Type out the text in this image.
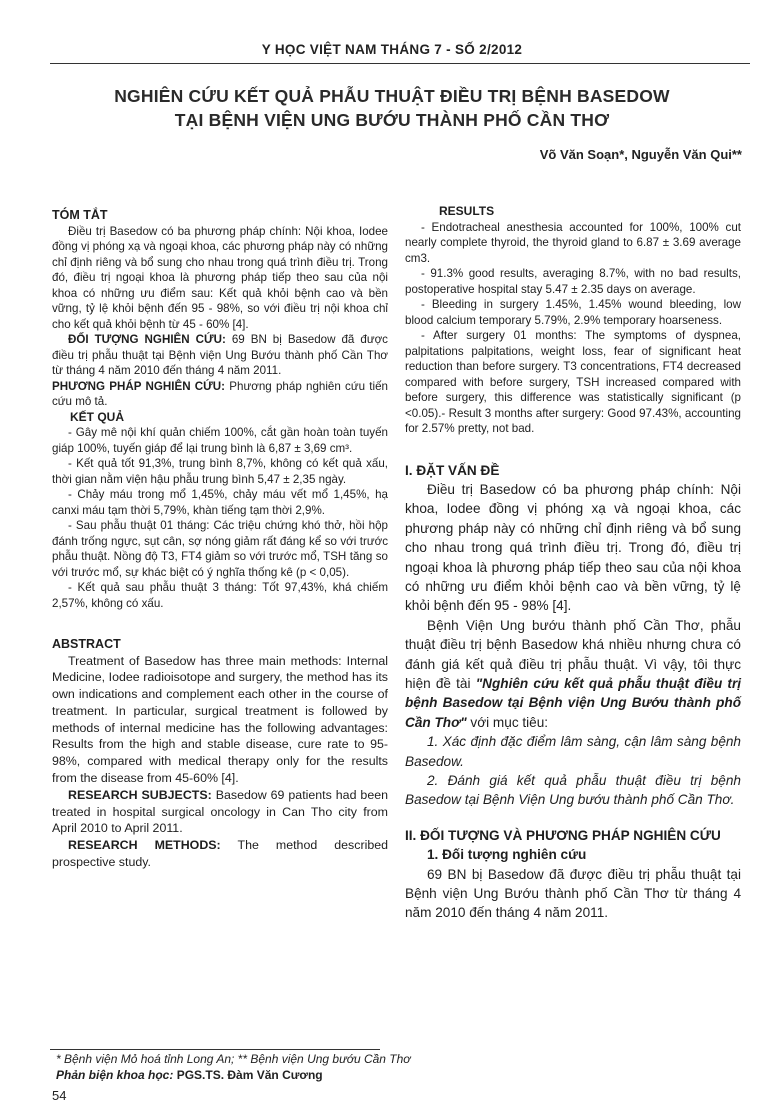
Y HỌC VIỆT NAM THÁNG 7 - SỐ 2/2012
NGHIÊN CỨU KẾT QUẢ PHẪU THUẬT ĐIỀU TRỊ BỆNH BASEDOW
TẠI BỆNH VIỆN UNG BƯỚU THÀNH PHỐ CẦN THƠ
Võ Văn Soạn*, Nguyễn Văn Qui**

TÓM TẮT

Điều trị Basedow có ba phương pháp chính: Nội khoa, Iodee đồng vị phóng xạ và ngoại khoa, các phương pháp này có những chỉ định riêng và bổ sung cho nhau trong quá trình điều trị. Trong đó, điều trị ngoại khoa là phương pháp tiếp theo sau của nội khoa có những ưu điểm sau: Kết quả khỏi bệnh cao và bền vững, tỷ lệ khỏi bệnh đến 95 - 98%, so với điều trị nội khoa chỉ cho kết quả khỏi bệnh từ 45 - 60% [4].

ĐỐI TƯỢNG NGHIÊN CỨU: 69 BN bị Basedow đã được điều trị phẫu thuật tại Bệnh viện Ung Bướu thành phố Cần Thơ từ tháng 4 năm 2010 đến tháng 4 năm 2011.

PHƯƠNG PHÁP NGHIÊN CỨU: Phương pháp nghiên cứu tiến cứu mô tả.

KẾT QUẢ

- Gây mê nội khí quản chiếm 100%, cắt gần hoàn toàn tuyến giáp 100%, tuyến giáp để lại trung bình là 6,87 ± 3,69 cm³.

- Kết quả tốt 91,3%, trung bình 8,7%, không có kết quả xấu, thời gian nằm viện hậu phẫu trung bình 5,47 ± 2,35 ngày.

- Chảy máu trong mổ 1,45%, chảy máu vết mổ 1,45%, hạ canxi máu tạm thời 5,79%, khàn tiếng tạm thời 2,9%.

- Sau phẫu thuật 01 tháng: Các triệu chứng khó thở, hồi hộp đánh trống ngực, sụt cân, sợ nóng giảm rất đáng kể so với trước phẫu thuật. Nồng độ T3, FT4 giảm so với trước mổ, TSH tăng so với trước mổ, sự khác biệt có ý nghĩa thống kê (p < 0,05).

- Kết quả sau phẫu thuật 3 tháng: Tốt 97,43%, khá chiếm 2,57%, không có xấu.

ABSTRACT

Treatment of Basedow has three main methods: Internal Medicine, Iodee radioisotope and surgery, the method has its own indications and complement each other in the course of treatment. In particular, surgical treatment is followed by methods of internal medicine has the following advantages: Results from the high and stable disease, cure rate to 95-98%, compared with medical therapy only for the results from the disease from 45-60% [4].

RESEARCH SUBJECTS: Basedow 69 patients had been treated in hospital surgical oncology in Can Tho city from April 2010 to April 2011.

RESEARCH METHODS: The method described prospective study.

RESULTS

- Endotracheal anesthesia accounted for 100%, 100% cut nearly complete thyroid, the thyroid gland to 6.87 ± 3.69 average cm3.

- 91.3% good results, averaging 8.7%, with no bad results, postoperative hospital stay 5.47 ± 2.35 days on average.

- Bleeding in surgery 1.45%, 1.45% wound bleeding, low blood calcium temporary 5.79%, 2.9% temporary hoarseness.

- After surgery 01 months: The symptoms of dyspnea, palpitations palpitations, weight loss, fear of significant heat reduction than before surgery. T3 concentrations, FT4 decreased compared with before surgery, TSH increased compared with before surgery, this difference was statistically significant (p <0.05).- Result 3 months after surgery: Good 97.43%, accounting for 2.57% pretty, not bad.

I. ĐẶT VẤN ĐỀ

Điều trị Basedow có ba phương pháp chính: Nội khoa, Iodee đồng vị phóng xạ và ngoại khoa, các phương pháp này có những chỉ định riêng và bổ sung cho nhau trong quá trình điều trị. Trong đó, điều trị ngoại khoa là phương pháp tiếp theo sau của nội khoa có những ưu điểm khỏi bệnh cao và bền vững, tỷ lệ khỏi bệnh đến 95 - 98% [4].

Bệnh Viện Ung bướu thành phố Cần Thơ, phẫu thuật điều trị bệnh Basedow khá nhiều nhưng chưa có đánh giá kết quả điều trị phẫu thuật. Vì vậy, tôi thực hiện đề tài "Nghiên cứu kết quả phẫu thuật điều trị bệnh Basedow tại Bệnh viện Ung Bướu thành phố Cần Thơ" với mục tiêu:

1. Xác định đặc điểm lâm sàng, cận lâm sàng bệnh Basedow.

2. Đánh giá kết quả phẫu thuật điều trị bệnh Basedow tại Bệnh Viện Ung bướu thành phố Cần Thơ.

II. ĐỐI TƯỢNG VÀ PHƯƠNG PHÁP NGHIÊN CỨU

1. Đối tượng nghiên cứu

69 BN bị Basedow đã được điều trị phẫu thuật tại Bệnh viện Ung Bướu thành phố Cần Thơ từ tháng 4 năm 2010 đến tháng 4 năm 2011.

* Bệnh viện Mỏ hoá tỉnh Long An; ** Bệnh viện Ung bướu Cần Thơ
Phản biện khoa học: PGS.TS. Đàm Văn Cương
54
